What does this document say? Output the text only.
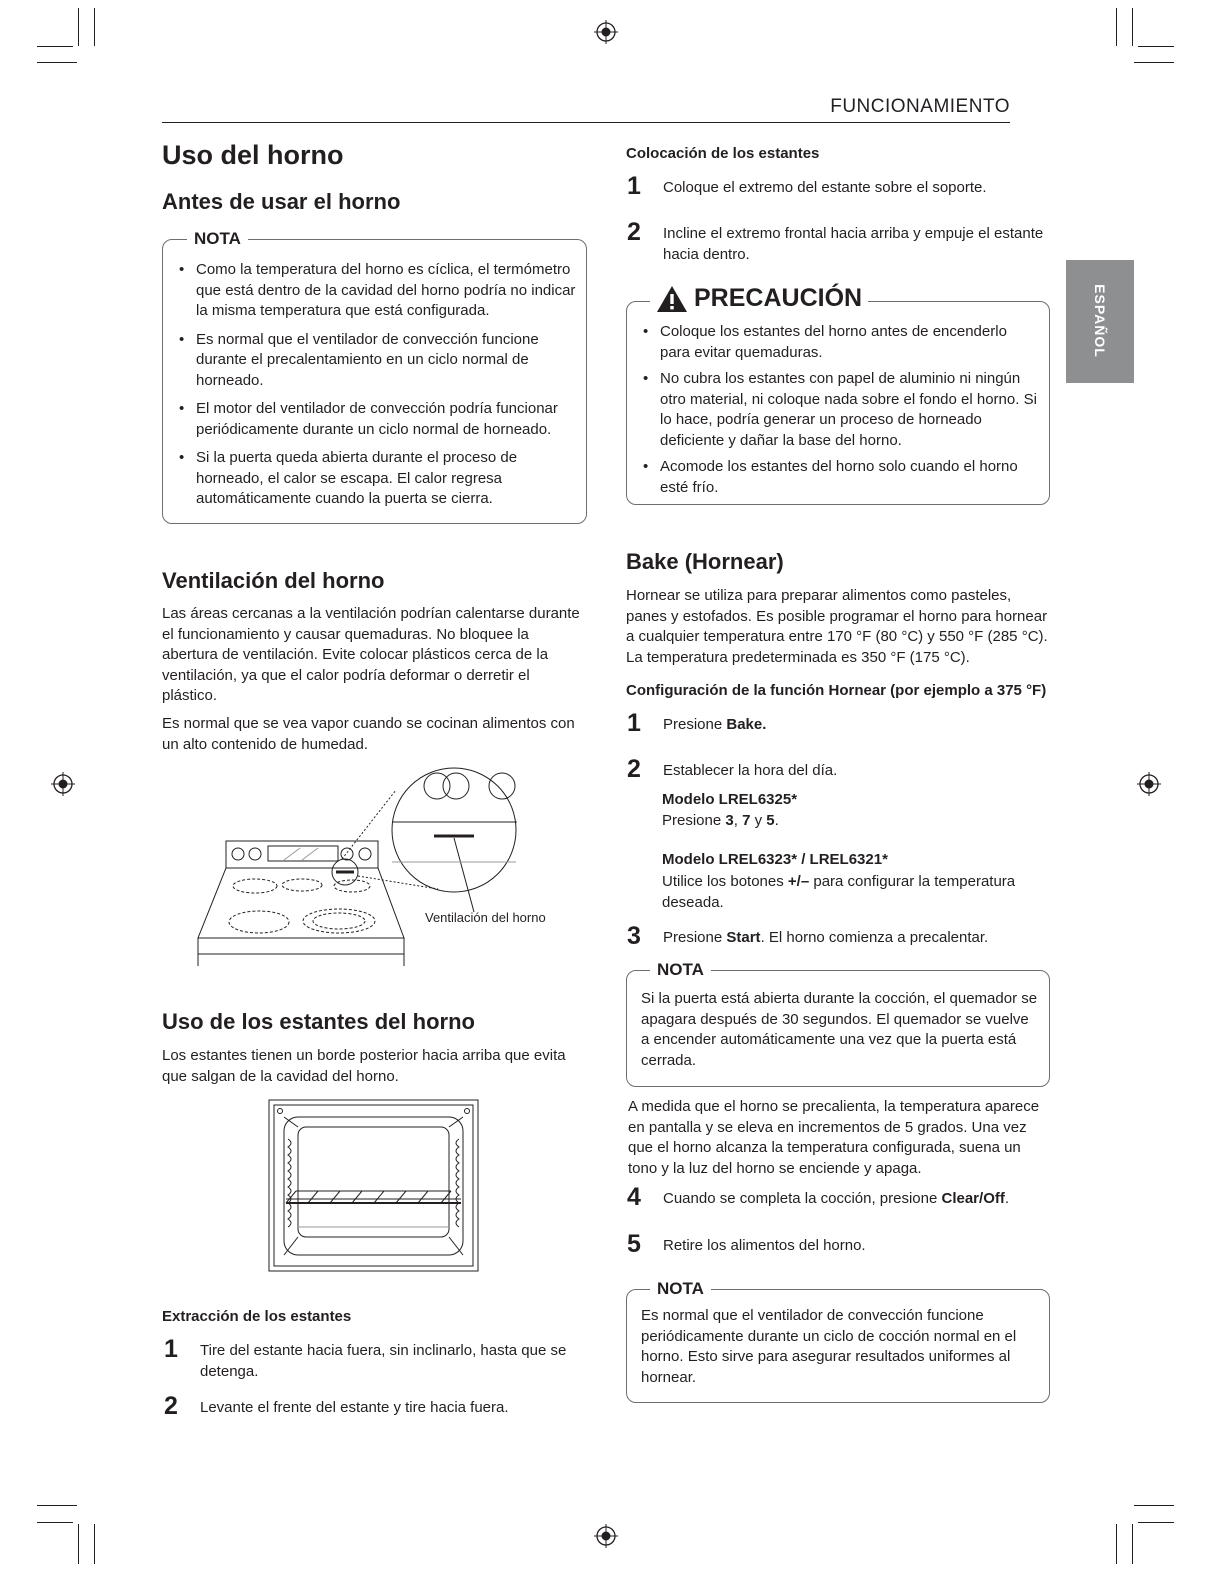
FUNCIONAMIENTO
ESPAÑOL
Uso del horno
Antes de usar el horno
NOTA
• Como la temperatura del horno es cíclica, el termómetro que está dentro de la cavidad del horno podría no indicar la misma temperatura que está configurada.
• Es normal que el ventilador de convección funcione durante el precalentamiento en un ciclo normal de horneado.
• El motor del ventilador de convección podría funcionar periódicamente durante un ciclo normal de horneado.
• Si la puerta queda abierta durante el proceso de horneado, el calor se escapa. El calor regresa automáticamente cuando la puerta se cierra.
Ventilación del horno

Las áreas cercanas a la ventilación podrían calentarse durante el funcionamiento y causar quemaduras. No bloquee la abertura de ventilación. Evite colocar plásticos cerca de la ventilación, ya que el calor podría deformar o derretir el plástico.

Es normal que se vea vapor cuando se cocinan alimentos con un alto contenido de humedad.

Ventilación del horno
Uso de los estantes del horno

Los estantes tienen un borde posterior hacia arriba que evita que salgan de la cavidad del horno.

Extracción de los estantes
1 Tire del estante hacia fuera, sin inclinarlo, hasta que se detenga.
2 Levante el frente del estante y tire hacia fuera.
Colocación de los estantes
1 Coloque el extremo del estante sobre el soporte.
2 Incline el extremo frontal hacia arriba y empuje el estante hacia dentro.
PRECAUCIÓN
• Coloque los estantes del horno antes de encenderlo para evitar quemaduras.
• No cubra los estantes con papel de aluminio ni ningún otro material, ni coloque nada sobre el fondo el horno. Si lo hace, podría generar un proceso de horneado deficiente y dañar la base del horno.
• Acomode los estantes del horno solo cuando el horno esté frío.
Bake (Hornear)

Hornear se utiliza para preparar alimentos como pasteles, panes y estofados. Es posible programar el horno para hornear a cualquier temperatura entre 170 °F (80 °C) y 550 °F (285 °C). La temperatura predeterminada es 350 °F (175 °C).

Configuración de la función Hornear (por ejemplo a 375 °F)
1 Presione Bake.
2 Establecer la hora del día.
Modelo LREL6325*
Presione 3, 7 y 5.
Modelo LREL6323* / LREL6321*
Utilice los botones +/– para configurar la temperatura deseada.
3 Presione Start. El horno comienza a precalentar.
NOTA

Si la puerta está abierta durante la cocción, el quemador se apagara después de 30 segundos. El quemador se vuelve a encender automáticamente una vez que la puerta está cerrada.

A medida que el horno se precalienta, la temperatura aparece en pantalla y se eleva en incrementos de 5 grados. Una vez que el horno alcanza la temperatura configurada, suena un tono y la luz del horno se enciende y apaga.

4 Cuando se completa la cocción, presione Clear/Off.
5 Retire los alimentos del horno.
NOTA

Es normal que el ventilador de convección funcione periódicamente durante un ciclo de cocción normal en el horno. Esto sirve para asegurar resultados uniformes al hornear.
